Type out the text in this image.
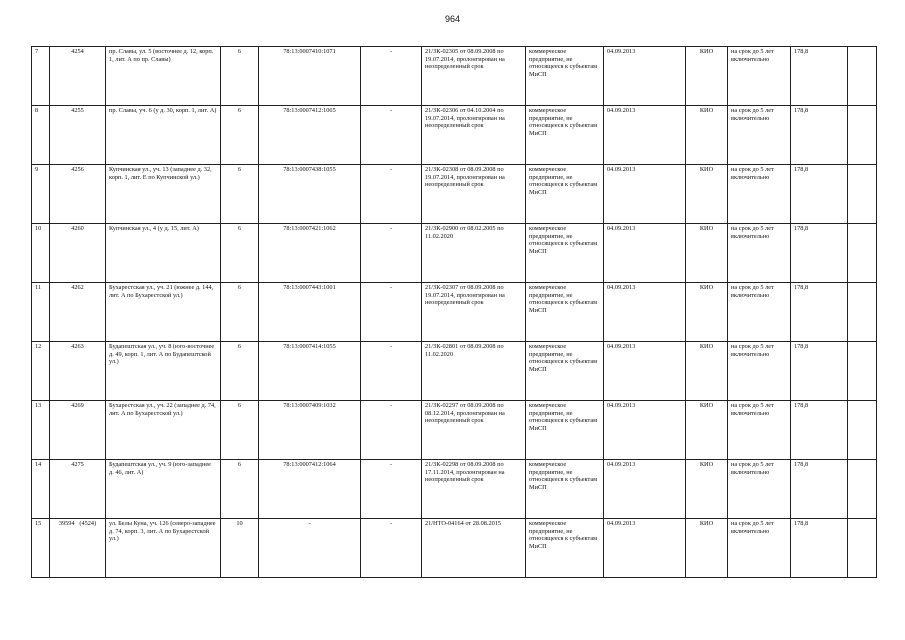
964
7	4254	пр. Славы, ул. 5 (восточнее д. 12, корп. 1, лит. А по пр. Славы)	6	78:13:0007410:1071	-	21/ЗК-02305 от 08.09.2008 по 19.07.2014, пролонгирован на неопределенный срок	коммерческое предприятие, не относящееся к субъектам МиСП	04.09.2013	КИО	на срок до 5 лет включительно	178,8	
8	4255	пр. Славы, уч. 6 (у д. 30, корп. 1, лит. А)	6	78:13:0007412:1065	-	21/ЗК-02306 от 04.10.2004 по 19.07.2014, пролонгирован на неопределенный срок	коммерческое предприятие, не относящееся к субъектам МиСП	04.09.2013	КИО	на срок до 5 лет включительно	178,8	
9	4256	Купчинская ул., уч. 13 (западнее д. 32, корп. 1, лит. Е по Купчинской ул.)	6	78:13:0007438:1055	-	21/ЗК-02308 от 08.09.2008 по 19.07.2014, пролонгирован на неопределенный срок	коммерческое предприятие, не относящееся к субъектам МиСП	04.09.2013	КИО	на срок до 5 лет включительно	178,8	
10	4260	Купчинская ул., 4 (у д. 15, лит. А)	6	78:13:0007421:1062	-	21/ЗК-02900 от 08.02.2005 по 11.02.2020	коммерческое предприятие, не относящееся к субъектам МиСП	04.09.2013	КИО	на срок до 5 лет включительно	178,8	
11	4262	Бухарестская ул., уч. 21 (южнее д. 144, лит. А по Бухарестской ул.)	6	78:13:0007443:1001	-	21/ЗК-02307 от 08.09.2008 по 19.07.2014, пролонгирован на неопределенный срок	коммерческое предприятие, не относящееся к субъектам МиСП	04.09.2013	КИО	на срок до 5 лет включительно	178,8	
12	4263	Будапештская ул., уч. 8 (юго-восточнее д. 49, корп. 1, лит. А по Будапештской ул.)	6	78:13:0007414:1055	-	21/ЗК-02801 от 08.09.2008 по 11.02.2020	коммерческое предприятие, не относящееся к субъектам МиСП	04.09.2013	КИО	на срок до 5 лет включительно	178,8	
13	4269	Бухарестская ул., уч. 22 (западнее д. 74, лит. А по Бухарестской ул.)	6	78:13:0007409:1032	-	21/ЗК-02297 от 08.09.2008 по 08.12.2014, пролонгирован на неопределенный срок	коммерческое предприятие, не относящееся к субъектам МиСП	04.09.2013	КИО	на срок до 5 лет включительно	178,8	
14	4275	Будапештская ул., уч. 9 (юго-западнее д. 46, лит. А)	6	78:13:0007412:1064	-	21/ЗК-02298 от 08.09.2008 по 17.11.2014, пролонгирован на неопределенный срок	коммерческое предприятие, не относящееся к субъектам МиСП	04.09.2013	КИО	на срок до 5 лет включительно	178,8	
15	39594 (4524)	ул. Белы Куна, уч. 126 (северо-западнее д. 74, корп. 3, лит. А по Бухарестской ул.)	10	-	-	21/НТО-04164 от 28.08.2015	коммерческое предприятие, не относящееся к субъектам МиСП	04.09.2013	КИО	на срок до 5 лет включительно	178,8	
